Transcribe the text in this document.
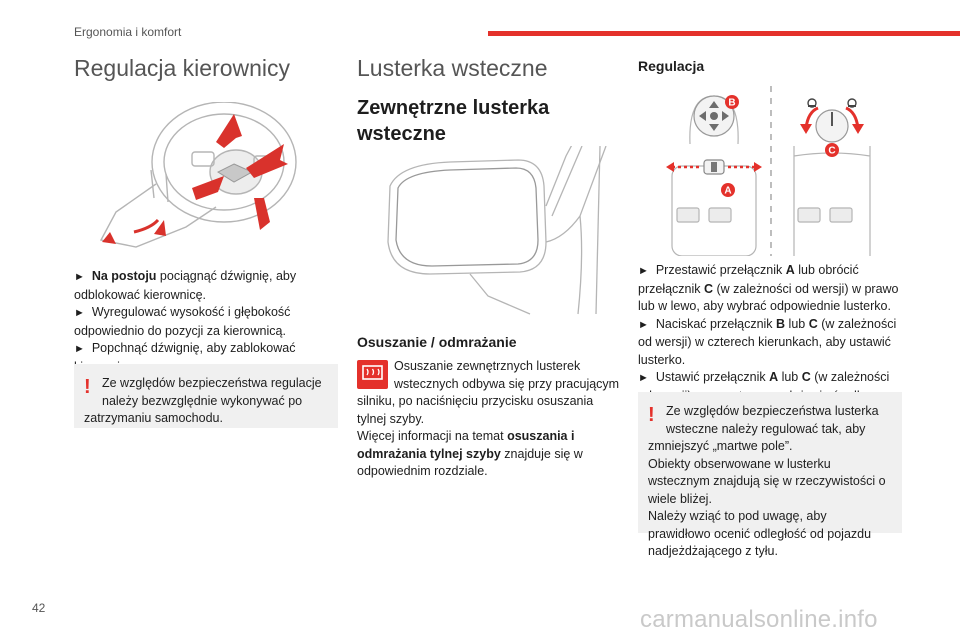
Ergonomia i komfort
Regulacja kierownicy
► Na postoju pociągnąć dźwignię, aby odblokować kierownicę.
► Wyregulować wysokość i głębokość odpowiednio do pozycji za kierownicą.
► Popchnąć dźwignię, aby zablokować
! Ze względów bezpieczeństwa regulacje należy bezwzględnie wykonywać po zatrzymaniu samochodu.
Lusterka wsteczne
Zewnętrzne lusterka wsteczne
Osuszanie / odmrażanie
Osuszanie zewnętrznych lusterek wstecznych odbywa się przy pracującym silniku, po naciśnięciu przycisku osuszania tylnej szyby.
Więcej informacji na temat osuszania i odmrażania tylnej szyby znajduje się w odpowiednim rozdziale.
Regulacja
B
A
C
► Przestawić przełącznik A lub obrócić przełącznik C (w zależności od wersji) w prawo lub w lewo, aby wybrać odpowiednie lusterko.
► Naciskać przełącznik B lub C (w zależności od wersji) w czterech kierunkach, aby ustawić lusterko.
► Ustawić przełącznik A lub C (w zależności
! Ze względów bezpieczeństwa lusterka wsteczne należy regulować tak, aby zmniejszyć „martwe pole”.
Obiekty obserwowane w lusterku wstecznym znajdują się w rzeczywistości o wiele bliżej.
Należy wziąć to pod uwagę, aby prawidłowo ocenić odległość od pojazdu nadjeżdżającego z tyłu.
42	carmanualsonline.info
